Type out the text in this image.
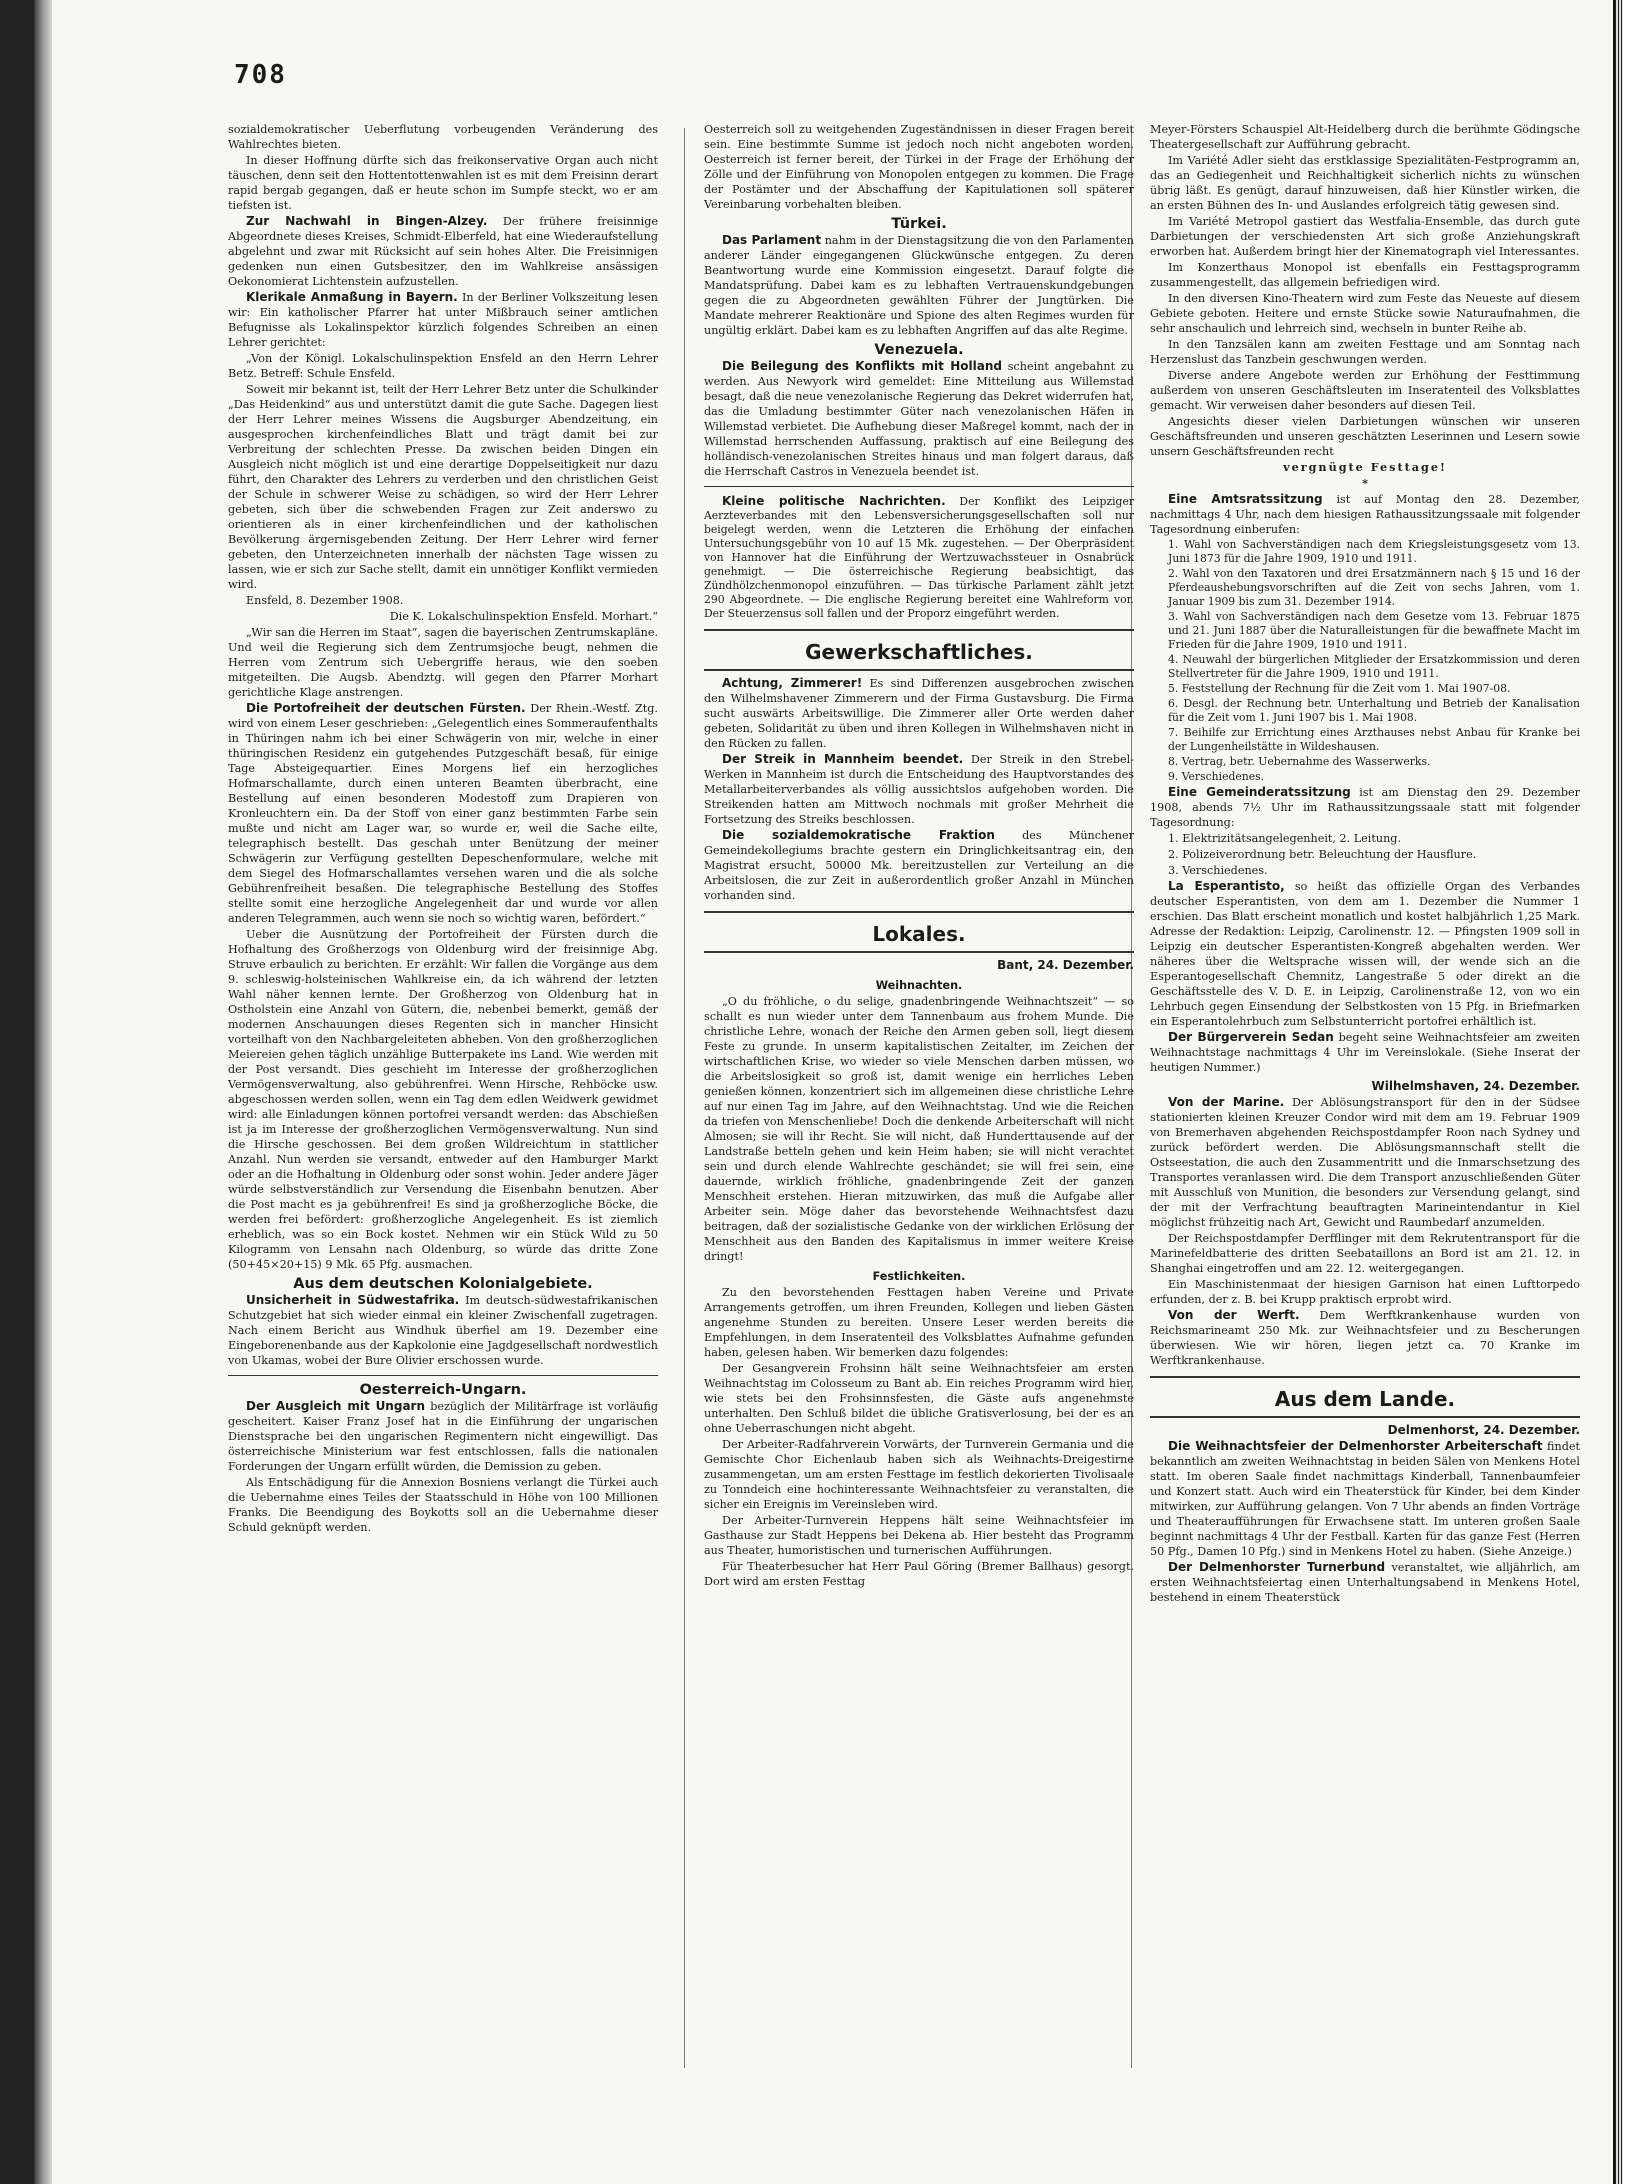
708

sozialdemokratischer Ueberflutung vorbeugenden Veränderung des Wahlrechtes bieten.

In dieser Hoffnung dürfte sich das freikonservative Organ auch nicht täuschen, denn seit den Hottentottenwahlen ist es mit dem Freisinn derart rapid bergab gegangen, daß er heute schon im Sumpfe steckt, wo er am tiefsten ist.

Zur Nachwahl in Bingen-Alzey. Der frühere freisinnige Abgeordnete dieses Kreises, Schmidt-Elberfeld, hat eine Wiederaufstellung abgelehnt und zwar mit Rücksicht auf sein hohes Alter. Die Freisinnigen gedenken nun einen Gutsbesitzer, den im Wahlkreise ansässigen Oekonomierat Lichtenstein aufzustellen.

Klerikale Anmaßung in Bayern. In der Berliner Volkszeitung lesen wir: Ein katholischer Pfarrer hat unter Mißbrauch seiner amtlichen Befugnisse als Lokalinspektor kürzlich folgendes Schreiben an einen Lehrer gerichtet:

„Von der Königl. Lokalschulinspektion Ensfeld an den Herrn Lehrer Betz. Betreff: Schule Ensfeld.

Soweit mir bekannt ist, teilt der Herr Lehrer Betz unter die Schulkinder „Das Heidenkind“ aus und unterstützt damit die gute Sache. Dagegen liest der Herr Lehrer meines Wissens die Augsburger Abendzeitung, ein ausgesprochen kirchenfeindliches Blatt und trägt damit bei zur Verbreitung der schlechten Presse. Da zwischen beiden Dingen ein Ausgleich nicht möglich ist und eine derartige Doppelseitigkeit nur dazu führt, den Charakter des Lehrers zu verderben und den christlichen Geist der Schule in schwerer Weise zu schädigen, so wird der Herr Lehrer gebeten, sich über die schwebenden Fragen zur Zeit anderswo zu orientieren als in einer kirchenfeindlichen und der katholischen Bevölkerung ärgernisgebenden Zeitung. Der Herr Lehrer wird ferner gebeten, den Unterzeichneten innerhalb der nächsten Tage wissen zu lassen, wie er sich zur Sache stellt, damit ein unnötiger Konflikt vermieden wird.

Ensfeld, 8. Dezember 1908.

Die K. Lokalschulinspektion Ensfeld. Morhart.“

„Wir san die Herren im Staat“, sagen die bayerischen Zentrumskapläne. Und weil die Regierung sich dem Zentrumsjoche beugt, nehmen die Herren vom Zentrum sich Uebergriffe heraus, wie den soeben mitgeteilten. Die Augsb. Abendztg. will gegen den Pfarrer Morhart gerichtliche Klage anstrengen.

Die Portofreiheit der deutschen Fürsten. Der Rhein.-Westf. Ztg. wird von einem Leser geschrieben: „Gelegentlich eines Sommeraufenthalts in Thüringen nahm ich bei einer Schwägerin von mir, welche in einer thüringischen Residenz ein gutgehendes Putzgeschäft besaß, für einige Tage Absteigequartier. Eines Morgens lief ein herzogliches Hofmarschallamte, durch einen unteren Beamten überbracht, eine Bestellung auf einen besonderen Modestoff zum Drapieren von Kronleuchtern ein. Da der Stoff von einer ganz bestimmten Farbe sein mußte und nicht am Lager war, so wurde er, weil die Sache eilte, telegraphisch bestellt. Das geschah unter Benützung der meiner Schwägerin zur Verfügung gestellten Depeschenformulare, welche mit dem Siegel des Hofmarschallamtes versehen waren und die als solche Gebührenfreiheit besaßen. Die telegraphische Bestellung des Stoffes stellte somit eine herzogliche Angelegenheit dar und wurde vor allen anderen Telegrammen, auch wenn sie noch so wichtig waren, befördert.“

Ueber die Ausnützung der Portofreiheit der Fürsten durch die Hofhaltung des Großherzogs von Oldenburg wird der freisinnige Abg. Struve erbaulich zu berichten. Er erzählt: Wir fallen die Vorgänge aus dem 9. schleswig-holsteinischen Wahlkreise ein, da ich während der letzten Wahl näher kennen lernte. Der Großherzog von Oldenburg hat in Ostholstein eine Anzahl von Gütern, die, nebenbei bemerkt, gemäß der modernen Anschauungen dieses Regenten sich in mancher Hinsicht vorteilhaft von den Nachbargeleiteten abheben. Von den großherzoglichen Meiereien gehen täglich unzählige Butterpakete ins Land. Wie werden mit der Post versandt. Dies geschieht im Interesse der großherzoglichen Vermögensverwaltung, also gebührenfrei. Wenn Hirsche, Rehböcke usw. abgeschossen werden sollen, wenn ein Tag dem edlen Weidwerk gewidmet wird: alle Einladungen können portofrei versandt werden: das Abschießen ist ja im Interesse der großherzoglichen Vermögensverwaltung. Nun sind die Hirsche geschossen. Bei dem großen Wildreichtum in stattlicher Anzahl. Nun werden sie versandt, entweder auf den Hamburger Markt oder an die Hofhaltung in Oldenburg oder sonst wohin. Jeder andere Jäger würde selbstverständlich zur Versendung die Eisenbahn benutzen. Aber die Post macht es ja gebührenfrei! Es sind ja großherzogliche Böcke, die werden frei befördert: großherzogliche Angelegenheit. Es ist ziemlich erheblich, was so ein Bock kostet. Nehmen wir ein Stück Wild zu 50 Kilogramm von Lensahn nach Oldenburg, so würde das dritte Zone (50+45×20+15) 9 Mk. 65 Pfg. ausmachen.

Aus dem deutschen Kolonialgebiete.

Unsicherheit in Südwestafrika. Im deutsch-südwestafrikanischen Schutzgebiet hat sich wieder einmal ein kleiner Zwischenfall zugetragen. Nach einem Bericht aus Windhuk überfiel am 19. Dezember eine Eingeborenenbande aus der Kapkolonie eine Jagdgesellschaft nordwestlich von Ukamas, wobei der Bure Olivier erschossen wurde.

Oesterreich-Ungarn.

Der Ausgleich mit Ungarn bezüglich der Militärfrage ist vorläufig gescheitert. Kaiser Franz Josef hat in die Einführung der ungarischen Dienstsprache bei den ungarischen Regimentern nicht eingewilligt. Das österreichische Ministerium war fest entschlossen, falls die nationalen Forderungen der Ungarn erfüllt würden, die Demission zu geben.

Als Entschädigung für die Annexion Bosniens verlangt die Türkei auch die Uebernahme eines Teiles der Staatsschuld in Höhe von 100 Millionen Franks. Die Beendigung des Boykotts soll an die Uebernahme dieser Schuld geknüpft werden.

Oesterreich soll zu weitgehenden Zugeständnissen in dieser Fragen bereit sein. Eine bestimmte Summe ist jedoch noch nicht angeboten worden. Oesterreich ist ferner bereit, der Türkei in der Frage der Erhöhung der Zölle und der Einführung von Monopolen entgegen zu kommen. Die Frage der Postämter und der Abschaffung der Kapitulationen soll späterer Vereinbarung vorbehalten bleiben.

Türkei.

Das Parlament nahm in der Dienstagsitzung die von den Parlamenten anderer Länder eingegangenen Glückwünsche entgegen. Zu deren Beantwortung wurde eine Kommission eingesetzt. Darauf folgte die Mandatsprüfung. Dabei kam es zu lebhaften Vertrauenskundgebungen gegen die zu Abgeordneten gewählten Führer der Jungtürken. Die Mandate mehrerer Reaktionäre und Spione des alten Regimes wurden für ungültig erklärt. Dabei kam es zu lebhaften Angriffen auf das alte Regime.

Venezuela.

Die Beilegung des Konflikts mit Holland scheint angebahnt zu werden. Aus Newyork wird gemeldet: Eine Mitteilung aus Willemstad besagt, daß die neue venezolanische Regierung das Dekret widerrufen hat, das die Umladung bestimmter Güter nach venezolanischen Häfen in Willemstad verbietet. Die Aufhebung dieser Maßregel kommt, nach der in Willemstad herrschenden Auffassung, praktisch auf eine Beilegung des holländisch-venezolanischen Streites hinaus und man folgert daraus, daß die Herrschaft Castros in Venezuela beendet ist.

Kleine politische Nachrichten. Der Konflikt des Leipziger Aerzteverbandes mit den Lebensversicherungsgesellschaften soll nur beigelegt werden, wenn die Letzteren die Erhöhung der einfachen Untersuchungsgebühr von 10 auf 15 Mk. zugestehen. — Der Oberpräsident von Hannover hat die Einführung der Wertzuwachssteuer in Osnabrück genehmigt. — Die österreichische Regierung beabsichtigt, das Zündhölzchenmonopol einzuführen. — Das türkische Parlament zählt jetzt 290 Abgeordnete. — Die englische Regierung bereitet eine Wahlreform vor. Der Steuerzensus soll fallen und der Proporz eingeführt werden.

Gewerkschaftliches.

Achtung, Zimmerer! Es sind Differenzen ausgebrochen zwischen den Wilhelmshavener Zimmerern und der Firma Gustavsburg. Die Firma sucht auswärts Arbeitswillige. Die Zimmerer aller Orte werden daher gebeten, Solidarität zu üben und ihren Kollegen in Wilhelmshaven nicht in den Rücken zu fallen.

Der Streik in Mannheim beendet. Der Streik in den Strebel-Werken in Mannheim ist durch die Entscheidung des Hauptvorstandes des Metallarbeiterverbandes als völlig aussichtslos aufgehoben worden. Die Streikenden hatten am Mittwoch nochmals mit großer Mehrheit die Fortsetzung des Streiks beschlossen.

Die sozialdemokratische Fraktion des Münchener Gemeindekollegiums brachte gestern ein Dringlichkeitsantrag ein, den Magistrat ersucht, 50000 Mk. bereitzustellen zur Verteilung an die Arbeitslosen, die zur Zeit in außerordentlich großer Anzahl in München vorhanden sind.

Lokales.

Bant, 24. Dezember.

Weihnachten.

„O du fröhliche, o du selige, gnadenbringende Weihnachtszeit“ — so schallt es nun wieder unter dem Tannenbaum aus frohem Munde. Die christliche Lehre, wonach der Reiche den Armen geben soll, liegt diesem Feste zu grunde. In unserm kapitalistischen Zeitalter, im Zeichen der wirtschaftlichen Krise, wo wieder so viele Menschen darben müssen, wo die Arbeitslosigkeit so groß ist, damit wenige ein herrliches Leben genießen können, konzentriert sich im allgemeinen diese christliche Lehre auf nur einen Tag im Jahre, auf den Weihnachtstag. Und wie die Reichen da triefen von Menschenliebe! Doch die denkende Arbeiterschaft will nicht Almosen; sie will ihr Recht. Sie will nicht, daß Hunderttausende auf der Landstraße betteln gehen und kein Heim haben; sie will nicht verachtet sein und durch elende Wahlrechte geschändet; sie will frei sein, eine dauernde, wirklich fröhliche, gnadenbringende Zeit der ganzen Menschheit erstehen. Hieran mitzuwirken, das muß die Aufgabe aller Arbeiter sein. Möge daher das bevorstehende Weihnachtsfest dazu beitragen, daß der sozialistische Gedanke von der wirklichen Erlösung der Menschheit aus den Banden des Kapitalismus in immer weitere Kreise dringt!

Festlichkeiten.

Zu den bevorstehenden Festtagen haben Vereine und Private Arrangements getroffen, um ihren Freunden, Kollegen und lieben Gästen angenehme Stunden zu bereiten. Unsere Leser werden bereits die Empfehlungen, in dem Inseratenteil des Volksblattes Aufnahme gefunden haben, gelesen haben. Wir bemerken dazu folgendes:

Der Gesangverein Frohsinn hält seine Weihnachtsfeier am ersten Weihnachtstag im Colosseum zu Bant ab. Ein reiches Programm wird hier, wie stets bei den Frohsinnsfesten, die Gäste aufs angenehmste unterhalten. Den Schluß bildet die übliche Gratisverlosung, bei der es an ohne Ueberraschungen nicht abgeht.

Der Arbeiter-Radfahrverein Vorwärts, der Turnverein Germania und die Gemischte Chor Eichenlaub haben sich als Weihnachts-Dreigestirne zusammengetan, um am ersten Festtage im festlich dekorierten Tivolisaale zu Tonndeich eine hochinteressante Weihnachtsfeier zu veranstalten, die sicher ein Ereignis im Vereinsleben wird.

Der Arbeiter-Turnverein Heppens hält seine Weihnachtsfeier im Gasthause zur Stadt Heppens bei Dekena ab. Hier besteht das Programm aus Theater, humoristischen und turnerischen Aufführungen.

Für Theaterbesucher hat Herr Paul Göring (Bremer Ballhaus) gesorgt. Dort wird am ersten Festtag

Meyer-Försters Schauspiel Alt-Heidelberg durch die berühmte Gödingsche Theatergesellschaft zur Aufführung gebracht.

Im Variété Adler sieht das erstklassige Spezialitäten-Festprogramm an, das an Gediegenheit und Reichhaltigkeit sicherlich nichts zu wünschen übrig läßt. Es genügt, darauf hinzuweisen, daß hier Künstler wirken, die an ersten Bühnen des In- und Auslandes erfolgreich tätig gewesen sind.

Im Variété Metropol gastiert das Westfalia-Ensemble, das durch gute Darbietungen der verschiedensten Art sich große Anziehungskraft erworben hat. Außerdem bringt hier der Kinematograph viel Interessantes.

Im Konzerthaus Monopol ist ebenfalls ein Festtagsprogramm zusammengestellt, das allgemein befriedigen wird.

In den diversen Kino-Theatern wird zum Feste das Neueste auf diesem Gebiete geboten. Heitere und ernste Stücke sowie Naturaufnahmen, die sehr anschaulich und lehrreich sind, wechseln in bunter Reihe ab.

In den Tanzsälen kann am zweiten Festtage und am Sonntag nach Herzenslust das Tanzbein geschwungen werden.

Diverse andere Angebote werden zur Erhöhung der Festtimmung außerdem von unseren Geschäftsleuten im Inseratenteil des Volksblattes gemacht. Wir verweisen daher besonders auf diesen Teil.

Angesichts dieser vielen Darbietungen wünschen wir unseren Geschäftsfreunden und unseren geschätzten Leserinnen und Lesern sowie unsern Geschäftsfreunden recht

vergnügte Festtage!

*

Eine Amtsratssitzung ist auf Montag den 28. Dezember, nachmittags 4 Uhr, nach dem hiesigen Rathaussitzungssaale mit folgender Tagesordnung einberufen:

1. Wahl von Sachverständigen nach dem Kriegsleistungsgesetz vom 13. Juni 1873 für die Jahre 1909, 1910 und 1911.

2. Wahl von den Taxatoren und drei Ersatzmännern nach § 15 und 16 der Pferdeaushebungsvorschriften auf die Zeit von sechs Jahren, vom 1. Januar 1909 bis zum 31. Dezember 1914.

3. Wahl von Sachverständigen nach dem Gesetze vom 13. Februar 1875 und 21. Juni 1887 über die Naturalleistungen für die bewaffnete Macht im Frieden für die Jahre 1909, 1910 und 1911.

4. Neuwahl der bürgerlichen Mitglieder der Ersatzkommission und deren Stellvertreter für die Jahre 1909, 1910 und 1911.

5. Feststellung der Rechnung für die Zeit vom 1. Mai 1907-08.

6. Desgl. der Rechnung betr. Unterhaltung und Betrieb der Kanalisation für die Zeit vom 1. Juni 1907 bis 1. Mai 1908.

7. Beihilfe zur Errichtung eines Arzthauses nebst Anbau für Kranke bei der Lungenheilstätte in Wildeshausen.

8. Vertrag, betr. Uebernahme des Wasserwerks.

9. Verschiedenes.

Eine Gemeinderatssitzung ist am Dienstag den 29. Dezember 1908, abends 7½ Uhr im Rathaussitzungssaale statt mit folgender Tagesordnung:

1. Elektrizitätsangelegenheit, 2. Leitung.

2. Polizeiverordnung betr. Beleuchtung der Hausflure.

3. Verschiedenes.

La Esperantisto, so heißt das offizielle Organ des Verbandes deutscher Esperantisten, von dem am 1. Dezember die Nummer 1 erschien. Das Blatt erscheint monatlich und kostet halbjährlich 1,25 Mark. Adresse der Redaktion: Leipzig, Carolinenstr. 12. — Pfingsten 1909 soll in Leipzig ein deutscher Esperantisten-Kongreß abgehalten werden. Wer näheres über die Weltsprache wissen will, der wende sich an die Esperantogesellschaft Chemnitz, Langestraße 5 oder direkt an die Geschäftsstelle des V. D. E. in Leipzig, Carolinenstraße 12, von wo ein Lehrbuch gegen Einsendung der Selbstkosten von 15 Pfg. in Briefmarken ein Esperantolehrbuch zum Selbstunterricht portofrei erhältlich ist.

Der Bürgerverein Sedan begeht seine Weihnachtsfeier am zweiten Weihnachtstage nachmittags 4 Uhr im Vereinslokale. (Siehe Inserat der heutigen Nummer.)

Wilhelmshaven, 24. Dezember.

Von der Marine. Der Ablösungstransport für den in der Südsee stationierten kleinen Kreuzer Condor wird mit dem am 19. Februar 1909 von Bremerhaven abgehenden Reichspostdampfer Roon nach Sydney und zurück befördert werden. Die Ablösungsmannschaft stellt die Ostseestation, die auch den Zusammentritt und die Inmarschsetzung des Transportes veranlassen wird. Die dem Transport anzuschließenden Güter mit Ausschluß von Munition, die besonders zur Versendung gelangt, sind der mit der Verfrachtung beauftragten Marineintendantur in Kiel möglichst frühzeitig nach Art, Gewicht und Raumbedarf anzumelden.

Der Reichspostdampfer Derfflinger mit dem Rekrutentransport für die Marinefeldbatterie des dritten Seebataillons an Bord ist am 21. 12. in Shanghai eingetroffen und am 22. 12. weitergegangen.

Ein Maschinistenmaat der hiesigen Garnison hat einen Lufttorpedo erfunden, der z. B. bei Krupp praktisch erprobt wird.

Von der Werft. Dem Werftkrankenhause wurden von Reichsmarineamt 250 Mk. zur Weihnachtsfeier und zu Bescherungen überwiesen. Wie wir hören, liegen jetzt ca. 70 Kranke im Werftkrankenhause.

Aus dem Lande.

Delmenhorst, 24. Dezember.

Die Weihnachtsfeier der Delmenhorster Arbeiterschaft findet bekanntlich am zweiten Weihnachtstag in beiden Sälen von Menkens Hotel statt. Im oberen Saale findet nachmittags Kinderball, Tannenbaumfeier und Konzert statt. Auch wird ein Theaterstück für Kinder, bei dem Kinder mitwirken, zur Aufführung gelangen. Von 7 Uhr abends an finden Vorträge und Theateraufführungen für Erwachsene statt. Im unteren großen Saale beginnt nachmittags 4 Uhr der Festball. Karten für das ganze Fest (Herren 50 Pfg., Damen 10 Pfg.) sind in Menkens Hotel zu haben. (Siehe Anzeige.)

Der Delmenhorster Turnerbund veranstaltet, wie alljährlich, am ersten Weihnachtsfeiertag einen Unterhaltungsabend in Menkens Hotel, bestehend in einem Theaterstück
